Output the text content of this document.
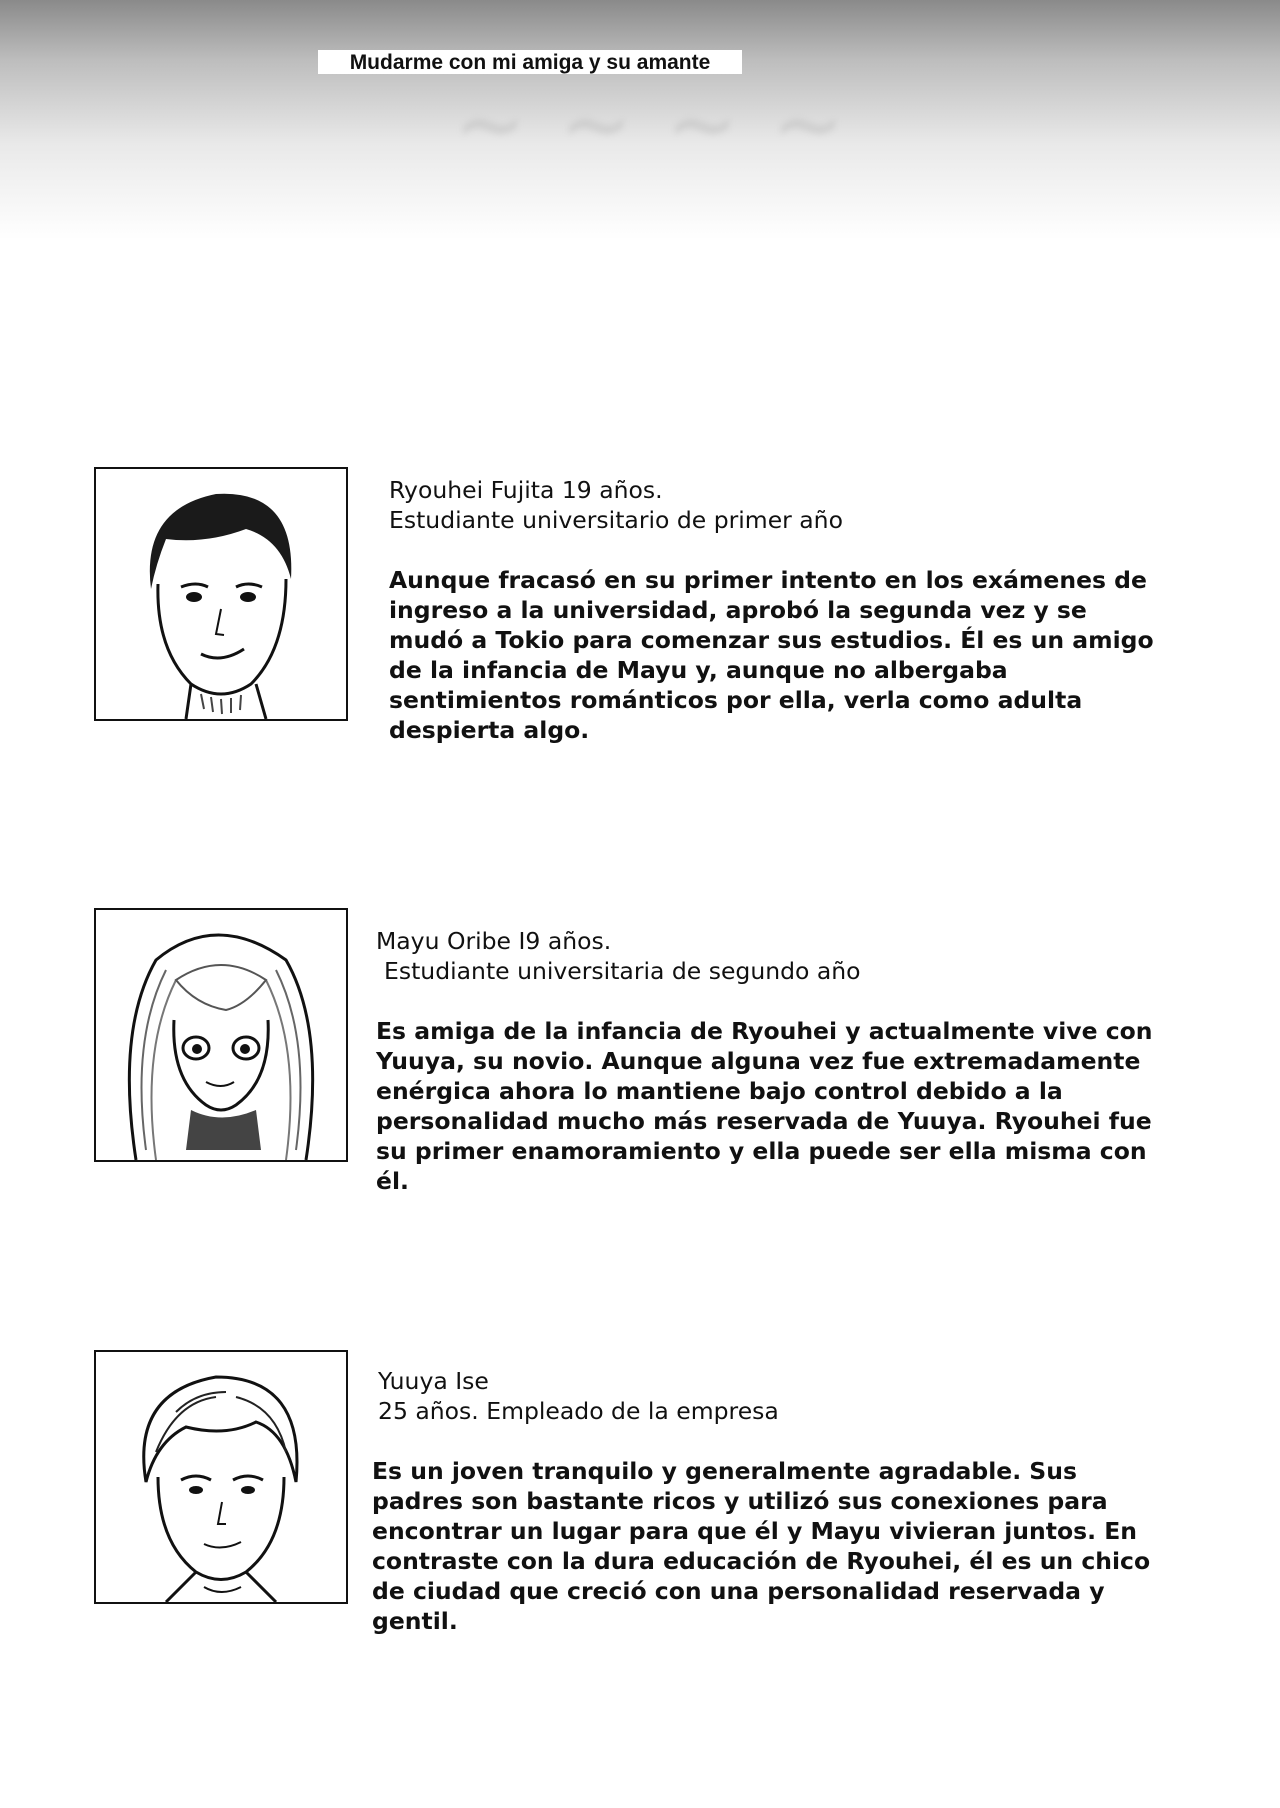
~ ~ ~ ~
Mudarme con mi amiga y su amante
Ryouhei Fujita 19 años.
Estudiante universitario de primer año
Aunque fracasó en su primer intento en los exámenes de ingreso a la universidad, aprobó la segunda vez y se mudó a Tokio para comenzar sus estudios. Él es un amigo de la infancia de Mayu y, aunque no albergaba sentimientos románticos por ella, verla como adulta despierta algo.
Mayu Oribe I9 años.
Estudiante universitaria de segundo año
Es amiga de la infancia de Ryouhei y actualmente vive con Yuuya, su novio. Aunque alguna vez fue extremadamente enérgica ahora lo mantiene bajo control debido a la personalidad mucho más reservada de Yuuya. Ryouhei fue su primer enamoramiento y ella puede ser ella misma con él.
Yuuya Ise
25 años. Empleado de la empresa
Es un joven tranquilo y generalmente agradable. Sus padres son bastante ricos y utilizó sus conexiones para encontrar un lugar para que él y Mayu vivieran juntos. En contraste con la dura educación de Ryouhei, él es un chico de ciudad que creció con una personalidad reservada y gentil.
